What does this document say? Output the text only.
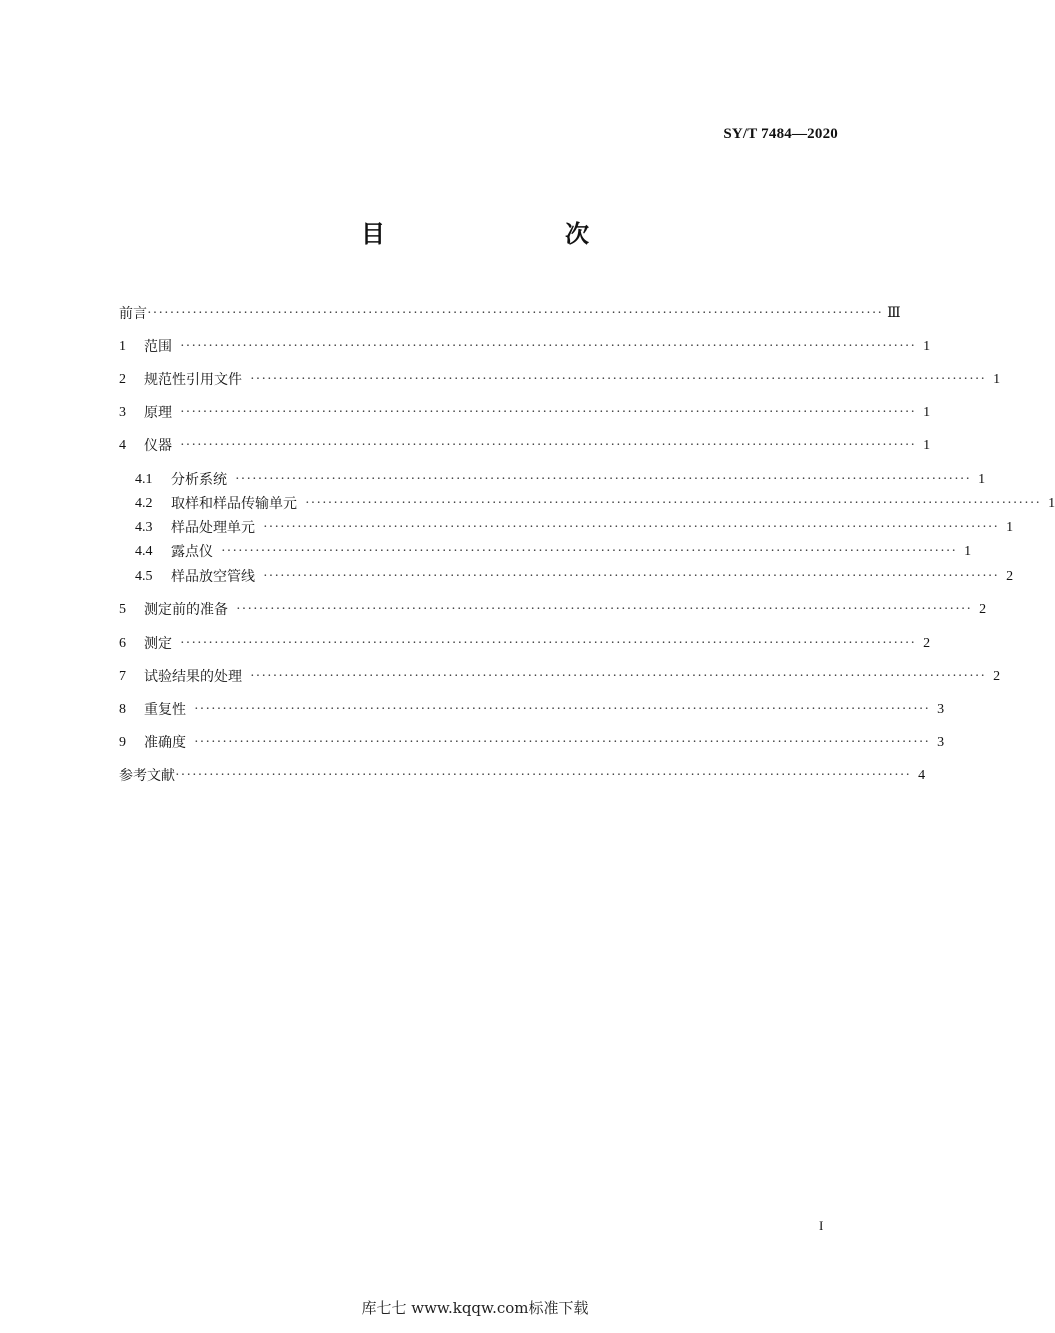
SY/T 7484—2020
目　　次
前言 ·································································································································· Ⅲ
1	范围 ·································································································································· 1
2	规范性引用文件 ·································································································································· 1
3	原理 ·································································································································· 1
4	仪器 ·································································································································· 1
4.1	分析系统 ·································································································································· 1
4.2	取样和样品传输单元 ·································································································································· 1
4.3	样品处理单元 ·································································································································· 1
4.4	露点仪 ·································································································································· 1
4.5	样品放空管线 ·································································································································· 2
5	测定前的准备 ·································································································································· 2
6	测定 ·································································································································· 2
7	试验结果的处理 ·································································································································· 2
8	重复性 ·································································································································· 3
9	准确度 ·································································································································· 3
参考文献 ·································································································································· 4
I
库七七 www.kqqw.com标准下载
